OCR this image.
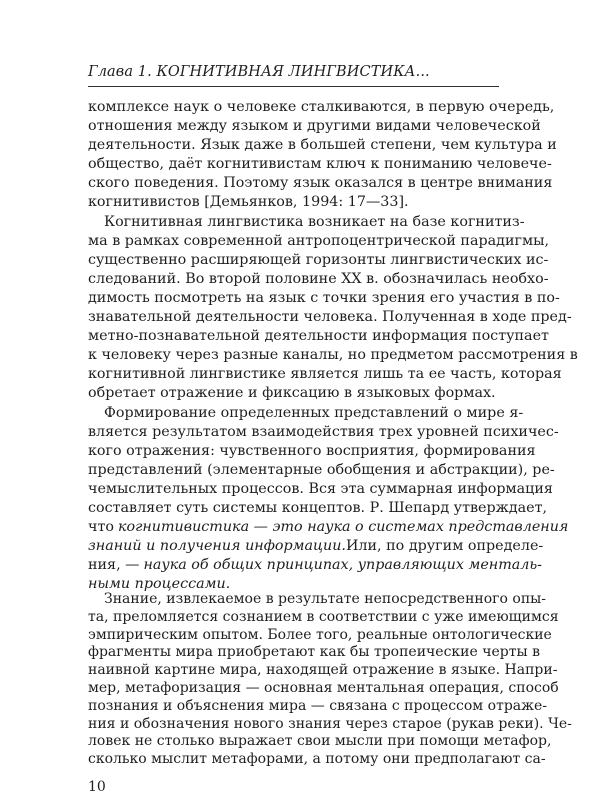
Глава 1. КОГНИТИВНАЯ ЛИНГВИСТИКА...
комплексе наук о человеке сталкиваются, в первую очередь,
отношения между языком и другими видами человеческой
деятельности. Язык даже в большей степени, чем культура и
общество, даёт когнитивистам ключ к пониманию человече-
ского поведения. Поэтому язык оказался в центре внимания
когнитивистов [Демьянков, 1994: 17—33].
Когнитивная лингвистика возникает на базе когнитиз-
ма в рамках современной антропоцентрической парадигмы,
существенно расширяющей горизонты лингвистических ис-
следований. Во второй половине XX в. обозначилась необхо-
димость посмотреть на язык с точки зрения его участия в по-
знавательной деятельности человека. Полученная в ходе пред-
метно-познавательной деятельности информация поступает
к человеку через разные каналы, но предметом рассмотрения в
когнитивной лингвистике является лишь та ее часть, которая
обретает отражение и фиксацию в языковых формах.
Формирование определенных представлений о мире я-
вляется результатом взаимодействия трех уровней психичес-
кого отражения: чувственного восприятия, формирования
представлений (элементарные обобщения и абстракции), ре-
чемыслительных процессов. Вся эта суммарная информация
составляет суть системы концептов. Р. Шепард утверждает,
что когнитивистика — это наука о системах представления
знаний и получения информации. Или, по другим определе-
ния, — наука об общих принципах, управляющих менталь-
ными процессами.
Знание, извлекаемое в результате непосредственного опы-
та, преломляется сознанием в соответствии с уже имеющимся
эмпирическим опытом. Более того, реальные онтологические
фрагменты мира приобретают как бы тропеические черты в
наивной картине мира, находящей отражение в языке. Напри-
10
мер, метафоризация — основная ментальная операция, способ
познания и объяснения мира — связана с процессом отраже-
ния и обозначения нового знания через старое (рукав реки). Че-
ловек не столько выражает свои мысли при помощи метафор,
сколько мыслит метафорами, а потому они предполагают са-
